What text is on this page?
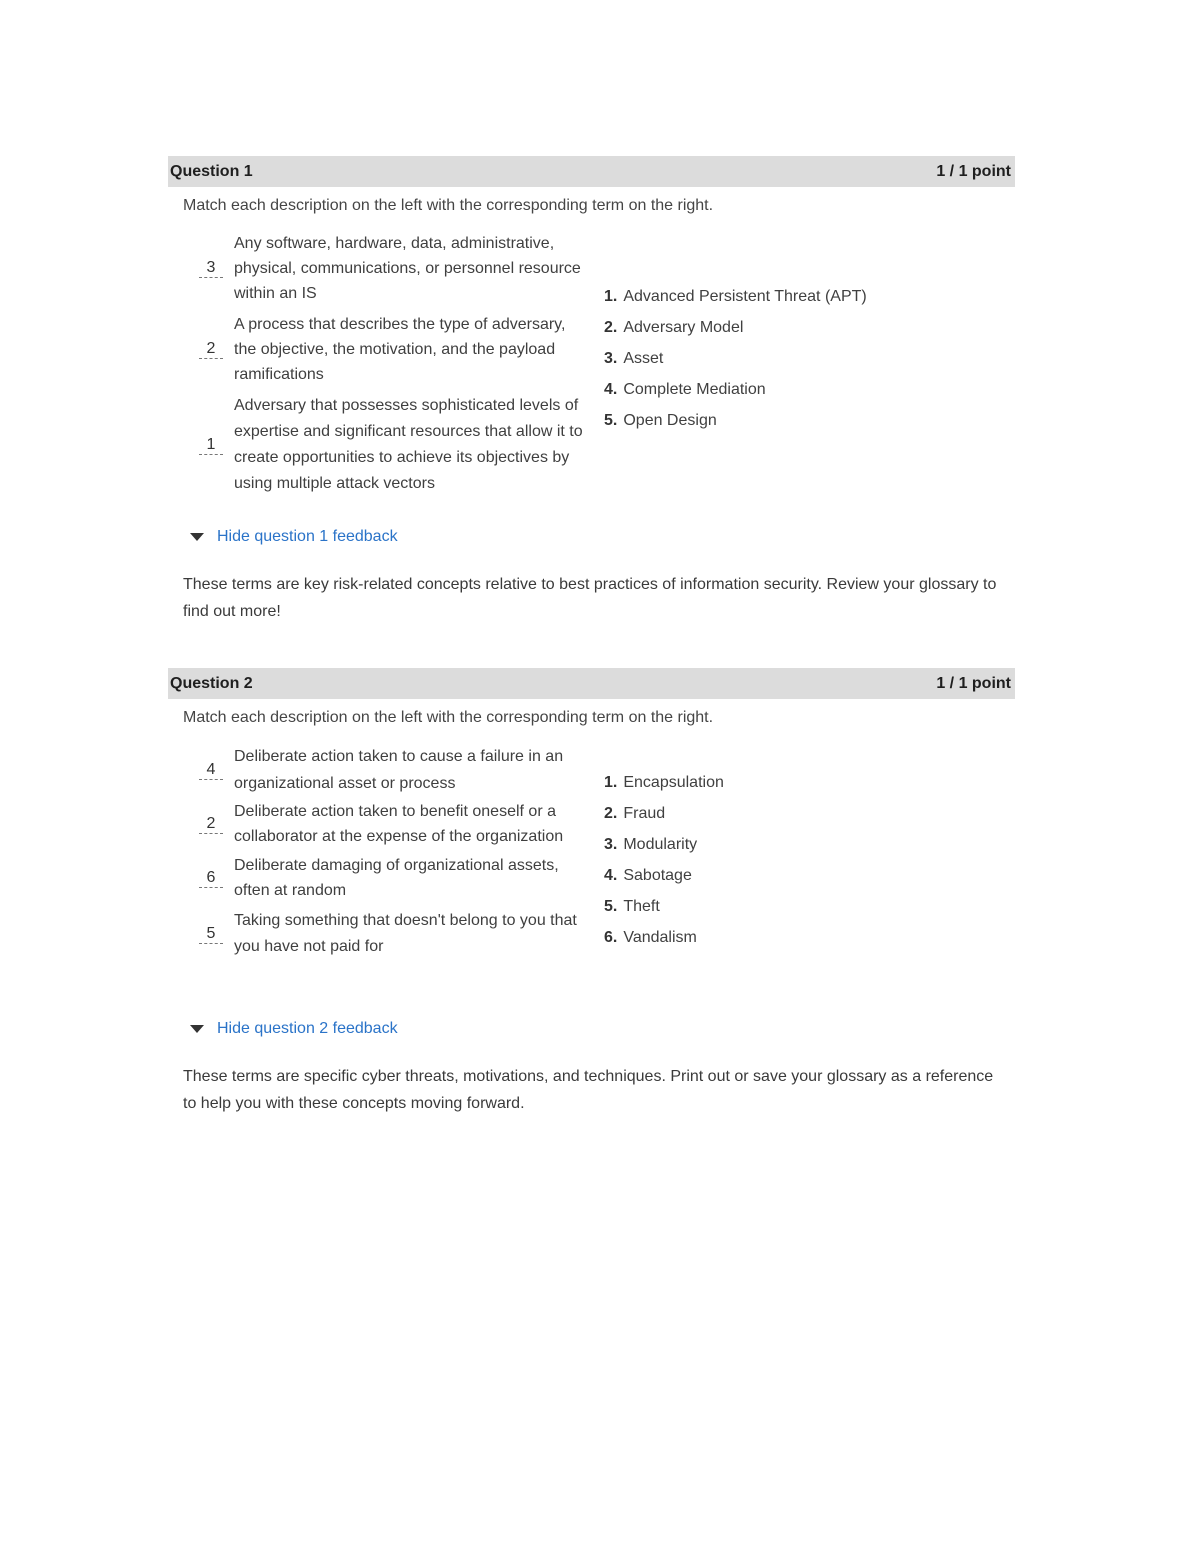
Question 1	1 / 1 point
Match each description on the left with the corresponding term on the right.
3
Any software, hardware, data, administrative, physical, communications, or personnel resource within an IS
2
A process that describes the type of adversary, the objective, the motivation, and the payload ramifications
1
Adversary that possesses sophisticated levels of expertise and significant resources that allow it to create opportunities to achieve its objectives by using multiple attack vectors
1. Advanced Persistent Threat (APT)
2. Adversary Model
3. Asset
4. Complete Mediation
5. Open Design
Hide question 1 feedback
These terms are key risk-related concepts relative to best practices of information security. Review your glossary to find out more!
Question 2	1 / 1 point
Match each description on the left with the corresponding term on the right.
4
Deliberate action taken to cause a failure in an organizational asset or process
2
Deliberate action taken to benefit oneself or a collaborator at the expense of the organization
6
Deliberate damaging of organizational assets, often at random
5
Taking something that doesn't belong to you that you have not paid for
1. Encapsulation
2. Fraud
3. Modularity
4. Sabotage
5. Theft
6. Vandalism
Hide question 2 feedback
These terms are specific cyber threats, motivations, and techniques. Print out or save your glossary as a reference to help you with these concepts moving forward.
